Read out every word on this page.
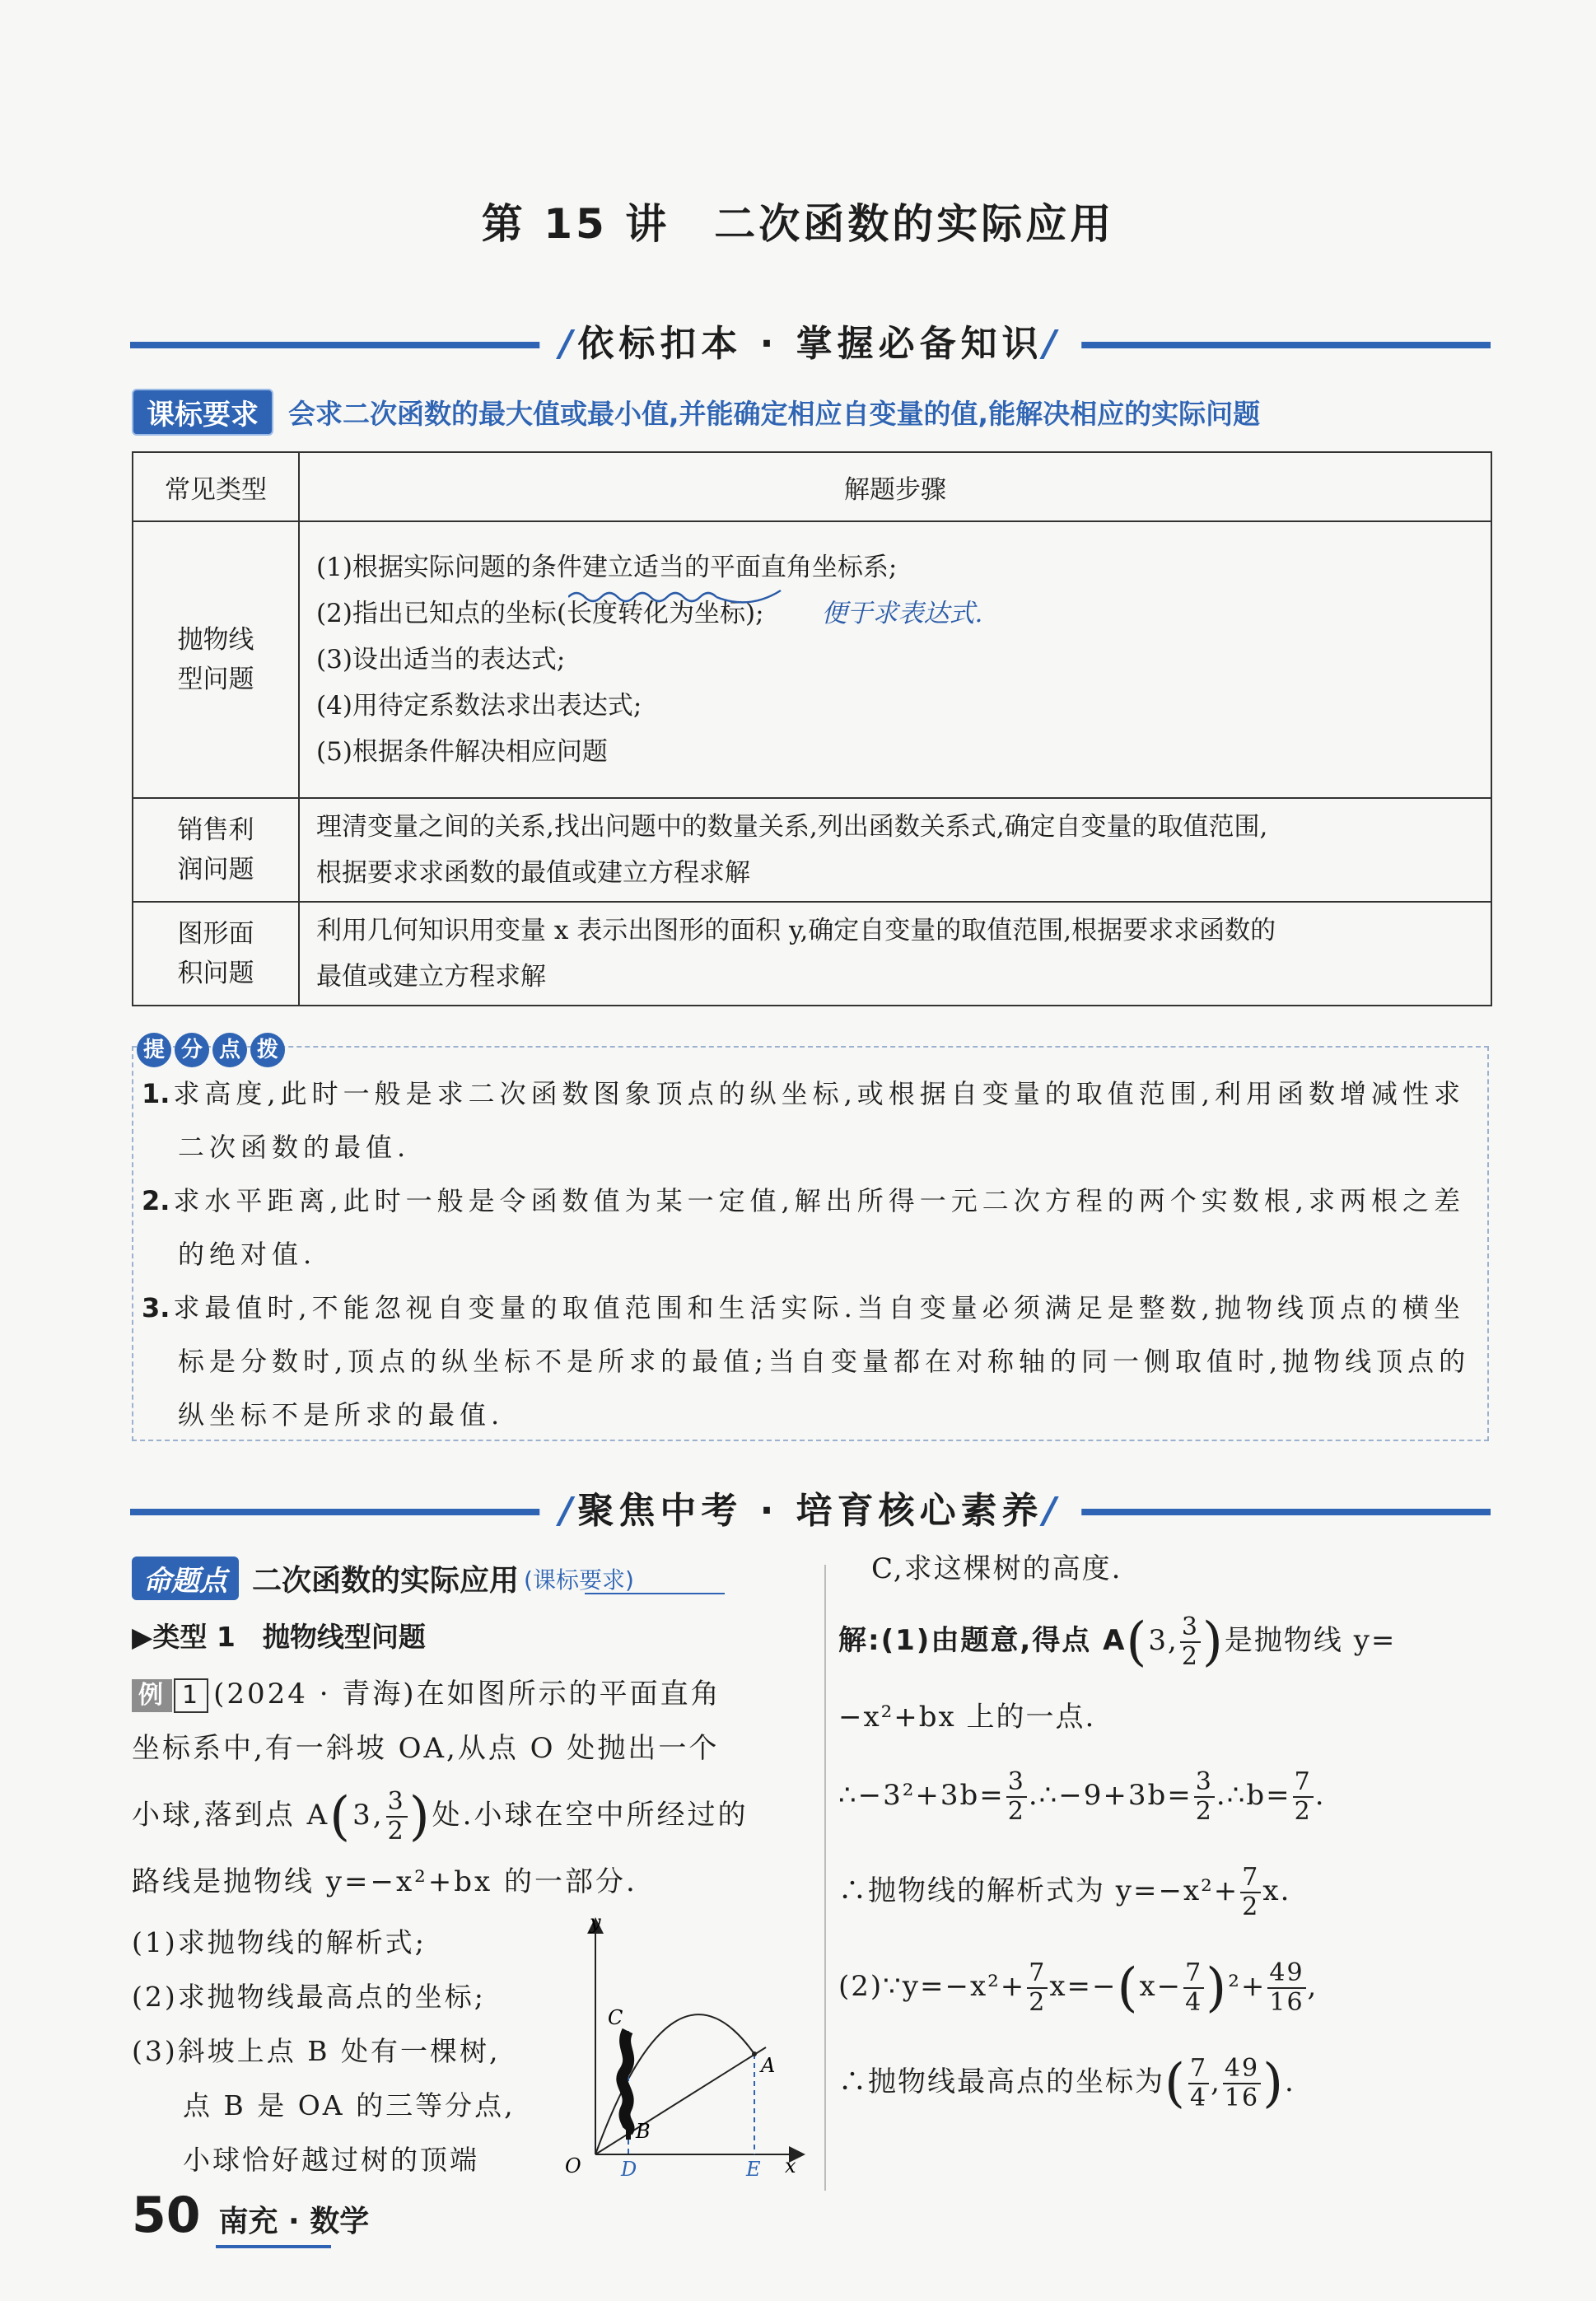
第 15 讲　二次函数的实际应用
/依标扣本 · 掌握必备知识/
课标要求	会求二次函数的最大值或最小值,并能确定相应自变量的值,能解决相应的实际问题
常见类型	解题步骤

抛物线
型问题	(1)根据实际问题的条件建立适当的平面直角坐标系;
(2)指出已知点的坐标(长度转化为坐标); 便于求表达式.
(3)设出适当的表达式;
(4)用待定系数法求出表达式;
(5)根据条件解决相应问题

销售利
润问题	理清变量之间的关系,找出问题中的数量关系,列出函数关系式,确定自变量的取值范围,
根据要求求函数的最值或建立方程求解

图形面
积问题	利用几何知识用变量 x 表示出图形的面积 y,确定自变量的取值范围,根据要求求函数的
最值或建立方程求解
1. 求高度,此时一般是求二次函数图象顶点的纵坐标,或根据自变量的取值范围,利用函数增减性求二次函数的最值.
2. 求水平距离,此时一般是令函数值为某一定值,解出所得一元二次方程的两个实数根,求两根之差的绝对值.
3. 求最值时,不能忽视自变量的取值范围和生活实际.当自变量必须满足是整数,抛物线顶点的横坐标是分数时,顶点的纵坐标不是所求的最值;当自变量都在对称轴的同一侧取值时,抛物线顶点的纵坐标不是所求的最值.
提 分 点 拨
/聚焦中考 · 培育核心素养/
命题点 二次函数的实际应用 (课标要求)
▶类型 1　抛物线型问题
例 1 (2024 · 青海)在如图所示的平面直角
坐标系中,有一斜坡 OA,从点 O 处抛出一个
小球,落到点 A(3, $\frac{3}{2}$ )处.小球在空中所经过的
路线是抛物线 y=−x²+bx 的一部分.
(1)求抛物线的解析式;
(2)求抛物线最高点的坐标;
(3)斜坡上点 B 处有一棵树,
点 B 是 OA 的三等分点,
小球恰好越过树的顶端
y
x
O
C
A
B
D	E
C,求这棵树的高度.
解:(1)由题意,得点 A(3, $\frac{3}{2}$ )是抛物线 y=
−x²+bx 上的一点.
∴−3²+3b= $\frac{3}{2}$ .∴−9+3b= $\frac{3}{2}$ .∴b= $\frac{7}{2}$ .
∴抛物线的解析式为 $y=-x^2+ \frac{7}{2} x$.
(2)∵y=−x²+ $\frac{7}{2} x=-(x- \frac{7}{4} )^2+ \frac{49}{16}$ ,
∴抛物线最高点的坐标为( $\frac{7}{4}$ , $\frac{49}{16}$ ).
50 南充 · 数学
